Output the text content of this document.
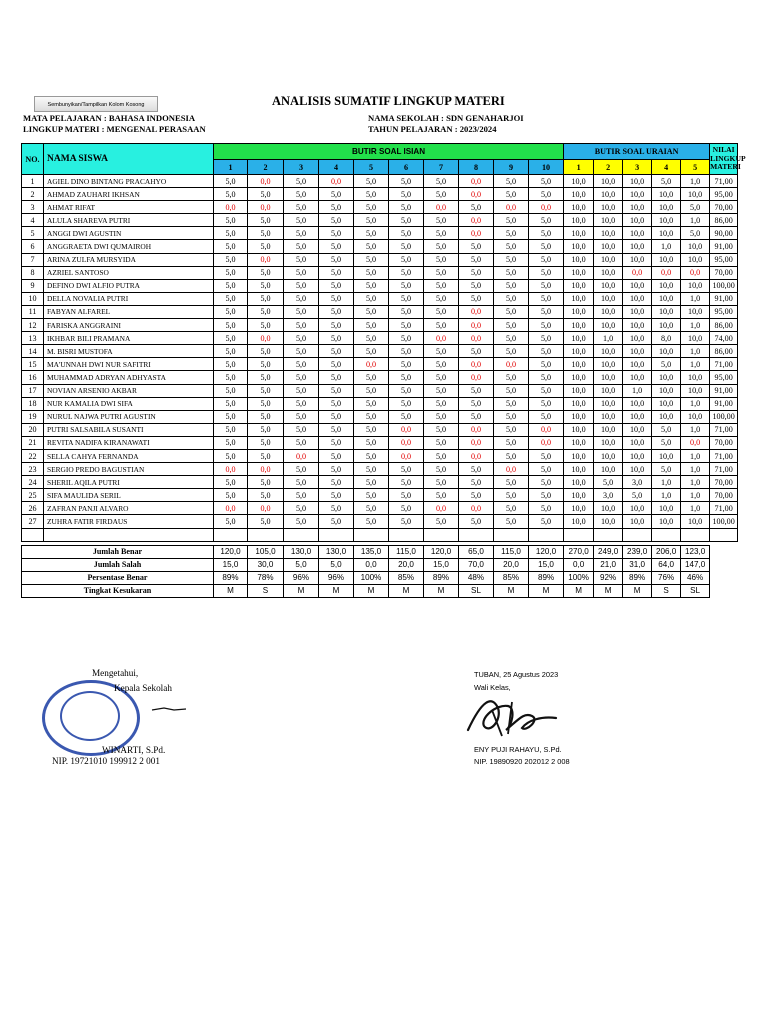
Sembunyikan/Tampilkan Kolom Kosong	ANALISIS SUMATIF LINGKUP MATERI
MATA PELAJARAN : BAHASA INDONESIA
LINGKUP MATERI : MENGENAL PERASAAN
NAMA SEKOLAH : SDN GENAHARJOI
TAHUN PELAJARAN : 2023/2024
NO.	NAMA SISWA	BUTIR SOAL ISIAN										BUTIR SOAL URAIAN					NILAI LINGKUP MATERI
		1	2	3	4	5	6	7	8	9	10	1	2	3	4	5	
1	AGIEL DINO BINTANG PRACAHYO	5,0	0,0	5,0	0,0	5,0	5,0	5,0	0,0	5,0	5,0	10,0	10,0	10,0	5,0	1,0	71,00
2	AHMAD ZAUHARI IKHSAN	5,0	5,0	5,0	5,0	5,0	5,0	5,0	0,0	5,0	5,0	10,0	10,0	10,0	10,0	10,0	95,00
3	AHMAT RIFAT	0,0	0,0	5,0	5,0	5,0	5,0	0,0	5,0	0,0	0,0	10,0	10,0	10,0	10,0	5,0	70,00
4	ALULA SHAREVA PUTRI	5,0	5,0	5,0	5,0	5,0	5,0	5,0	0,0	5,0	5,0	10,0	10,0	10,0	10,0	1,0	86,00
5	ANGGI DWI AGUSTIN	5,0	5,0	5,0	5,0	5,0	5,0	5,0	0,0	5,0	5,0	10,0	10,0	10,0	10,0	5,0	90,00
6	ANGGRAETA DWI QUMAIROH	5,0	5,0	5,0	5,0	5,0	5,0	5,0	5,0	5,0	5,0	10,0	10,0	10,0	1,0	10,0	91,00
7	ARINA ZULFA MURSYIDA	5,0	0,0	5,0	5,0	5,0	5,0	5,0	5,0	5,0	5,0	10,0	10,0	10,0	10,0	10,0	95,00
8	AZRIEL SANTOSO	5,0	5,0	5,0	5,0	5,0	5,0	5,0	5,0	5,0	5,0	10,0	10,0	0,0	0,0	0,0	70,00
9	DEFINO DWI ALFIO PUTRA	5,0	5,0	5,0	5,0	5,0	5,0	5,0	5,0	5,0	5,0	10,0	10,0	10,0	10,0	10,0	100,00
10	DELLA NOVALIA PUTRI	5,0	5,0	5,0	5,0	5,0	5,0	5,0	5,0	5,0	5,0	10,0	10,0	10,0	10,0	1,0	91,00
11	FABYAN ALFAREL	5,0	5,0	5,0	5,0	5,0	5,0	5,0	0,0	5,0	5,0	10,0	10,0	10,0	10,0	10,0	95,00
12	FARISKA ANGGRAINI	5,0	5,0	5,0	5,0	5,0	5,0	5,0	0,0	5,0	5,0	10,0	10,0	10,0	10,0	1,0	86,00
13	IKHBAR BILI PRAMANA	5,0	0,0	5,0	5,0	5,0	5,0	0,0	0,0	5,0	5,0	10,0	1,0	10,0	8,0	10,0	74,00
14	M. BISRI MUSTOFA	5,0	5,0	5,0	5,0	5,0	5,0	5,0	5,0	5,0	5,0	10,0	10,0	10,0	10,0	1,0	86,00
15	MA'UNNAH DWI NUR SAFITRI	5,0	5,0	5,0	5,0	0,0	5,0	5,0	0,0	0,0	5,0	10,0	10,0	10,0	5,0	1,0	71,00
16	MUHAMMAD ADRYAN ADHYASTA	5,0	5,0	5,0	5,0	5,0	5,0	5,0	0,0	5,0	5,0	10,0	10,0	10,0	10,0	10,0	95,00
17	NOVIAN ARSENIO AKBAR	5,0	5,0	5,0	5,0	5,0	5,0	5,0	5,0	5,0	5,0	10,0	10,0	1,0	10,0	10,0	91,00
18	NUR KAMALIA DWI SIFA	5,0	5,0	5,0	5,0	5,0	5,0	5,0	5,0	5,0	5,0	10,0	10,0	10,0	10,0	1,0	91,00
19	NURUL NAJWA PUTRI AGUSTIN	5,0	5,0	5,0	5,0	5,0	5,0	5,0	5,0	5,0	5,0	10,0	10,0	10,0	10,0	10,0	100,00
20	PUTRI SALSABILA SUSANTI	5,0	5,0	5,0	5,0	5,0	0,0	5,0	0,0	5,0	0,0	10,0	10,0	10,0	5,0	1,0	71,00
21	REVITA NADIFA KIRANAWATI	5,0	5,0	5,0	5,0	5,0	0,0	5,0	0,0	5,0	0,0	10,0	10,0	10,0	5,0	0,0	70,00
22	SELLA CAHYA FERNANDA	5,0	5,0	0,0	5,0	5,0	0,0	5,0	0,0	5,0	5,0	10,0	10,0	10,0	10,0	1,0	71,00
23	SERGIO PREDO BAGUSTIAN	0,0	0,0	5,0	5,0	5,0	5,0	5,0	5,0	0,0	5,0	10,0	10,0	10,0	5,0	1,0	71,00
24	SHERIL AQILA PUTRI	5,0	5,0	5,0	5,0	5,0	5,0	5,0	5,0	5,0	5,0	10,0	5,0	3,0	1,0	1,0	70,00
25	SIFA MAULIDA SERIL	5,0	5,0	5,0	5,0	5,0	5,0	5,0	5,0	5,0	5,0	10,0	3,0	5,0	1,0	1,0	70,00
26	ZAFRAN PANJI ALVARO	0,0	0,0	5,0	5,0	5,0	5,0	0,0	0,0	5,0	5,0	10,0	10,0	10,0	10,0	1,0	71,00
27	ZUHRA FATIR FIRDAUS	5,0	5,0	5,0	5,0	5,0	5,0	5,0	5,0	5,0	5,0	10,0	10,0	10,0	10,0	10,0	100,00

Jumlah Benar		120,0	105,0	130,0	130,0	135,0	115,0	120,0	65,0	115,0	120,0	270,0	249,0	239,0	206,0	123,0	
Jumlah Salah		15,0	30,0	5,0	5,0	0,0	20,0	15,0	70,0	20,0	15,0	0,0	21,0	31,0	64,0	147,0	
Persentase Benar		89%	78%	96%	96%	100%	85%	89%	48%	85%	89%	100%	92%	89%	76%	46%	
Tingkat Kesukaran		M	S	M	M	M	M	M	SL	M	M	M	M	M	S	SL	
Mengetahui,
Kepala Sekolah
WINARTI, S.Pd.
NIP. 19721010 199912 2 001
TUBAN, 25 Agustus 2023
Wali Kelas,
ENY PUJI RAHAYU, S.Pd.
NIP. 19890920 202012 2 008
